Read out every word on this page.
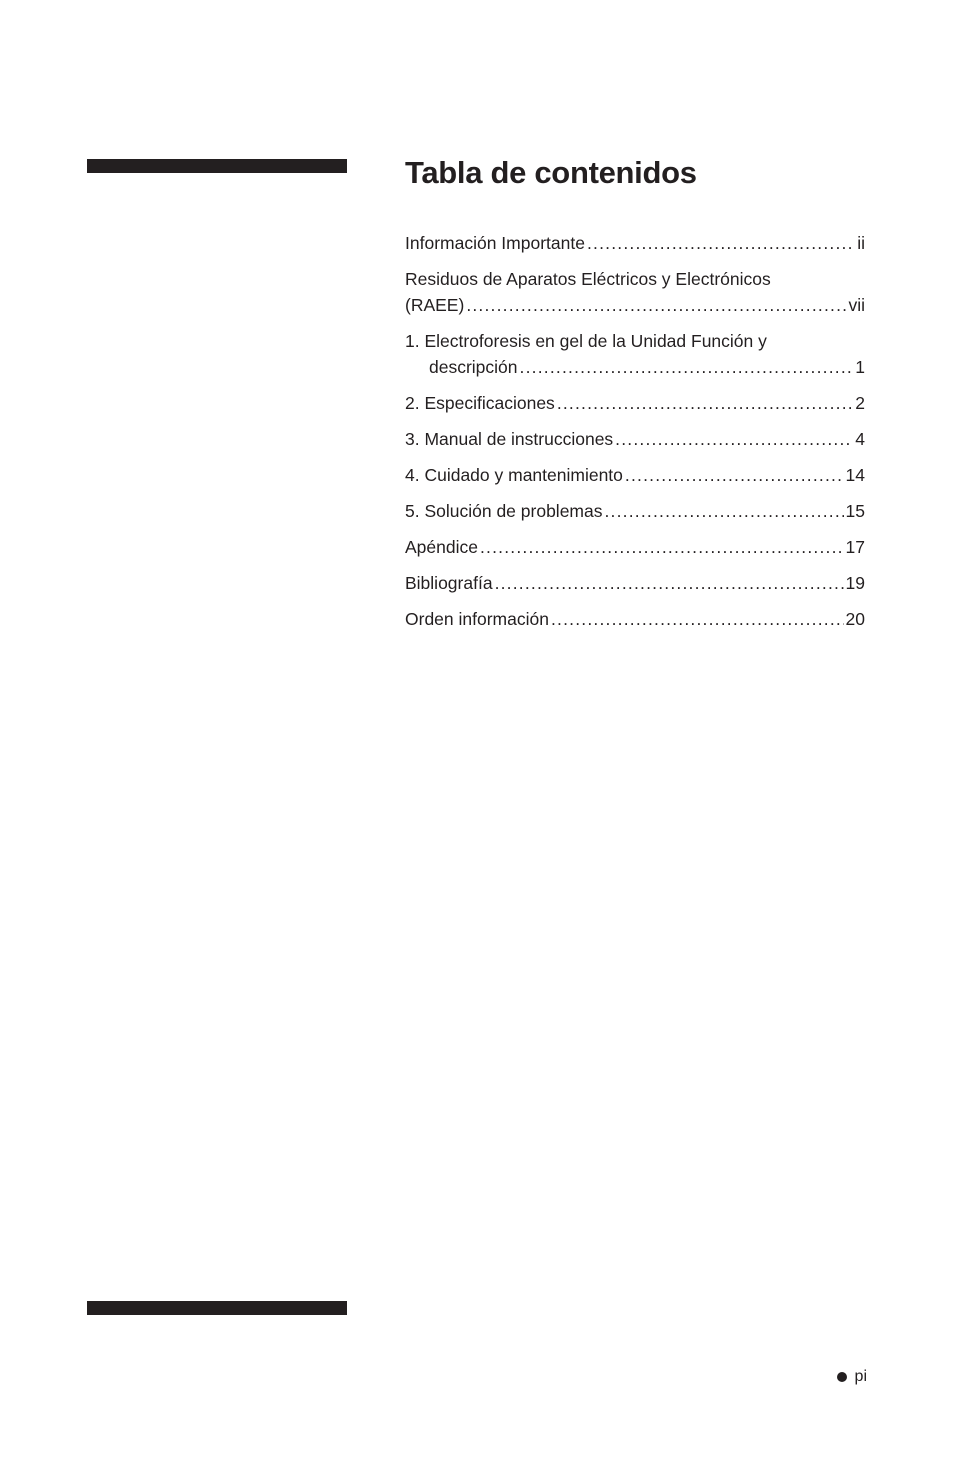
Tabla de contenidos
Información Importante .....	ii
Residuos de Aparatos Eléctricos y Electrónicos
(RAEE) .....	vii
1. Electroforesis en gel de la Unidad Función y
descripción .....	1
2. Especificaciones .....	2
3. Manual de instrucciones .....	4
4. Cuidado y mantenimiento .....	14
5. Solución de problemas .....	15
Apéndice .....	17
Bibliografía .....	19
Orden información .....	20
pi
